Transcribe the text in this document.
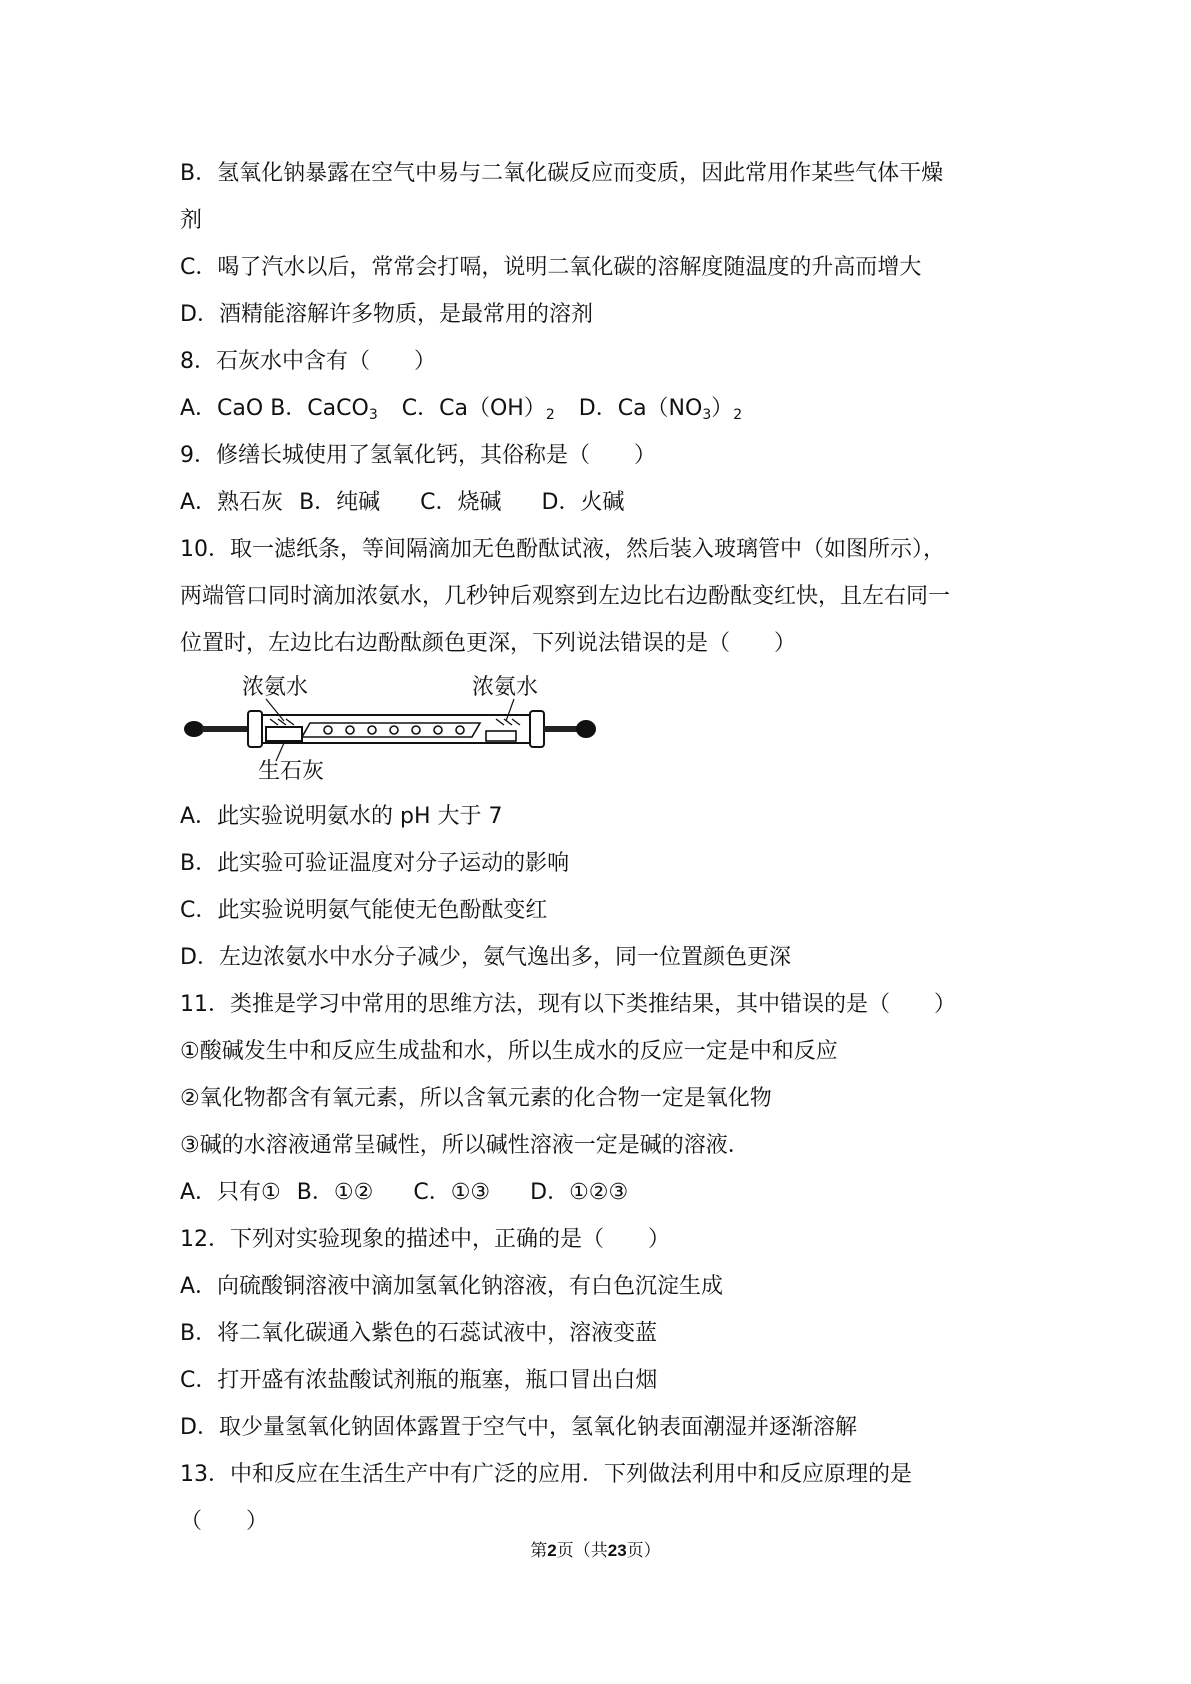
B．氢氧化钠暴露在空气中易与二氧化碳反应而变质，因此常用作某些气体干燥
剂
C．喝了汽水以后，常常会打嗝，说明二氧化碳的溶解度随温度的升高而增大
D．酒精能溶解许多物质，是最常用的溶剂
8．石灰水中含有（　　）
A．CaO B．CaCO$_3$ C．$Ca(OH)_2$ D．$Ca(NO_3)_2$
9．修缮长城使用了氢氧化钙，其俗称是（　　）
A．熟石灰 B．纯碱 C．烧碱 D．火碱
10．取一滤纸条，等间隔滴加无色酚酞试液，然后装入玻璃管中（如图所示），
两端管口同时滴加浓氨水，几秒钟后观察到左边比右边酚酞变红快，且左右同一
位置时，左边比右边酚酞颜色更深，下列说法错误的是（　　）
浓氨水	浓氨水
生石灰
A．此实验说明氨水的 pH 大于 7
B．此实验可验证温度对分子运动的影响
C．此实验说明氨气能使无色酚酞变红
D．左边浓氨水中水分子减少，氨气逸出多，同一位置颜色更深
11．类推是学习中常用的思维方法，现有以下类推结果，其中错误的是（　　）
①酸碱发生中和反应生成盐和水，所以生成水的反应一定是中和反应
②氧化物都含有氧元素，所以含氧元素的化合物一定是氧化物
③碱的水溶液通常呈碱性，所以碱性溶液一定是碱的溶液．
A．只有① B．①② C．①③ D．①②③
12．下列对实验现象的描述中，正确的是（　　）
A．向硫酸铜溶液中滴加氢氧化钠溶液，有白色沉淀生成
B．将二氧化碳通入紫色的石蕊试液中，溶液变蓝
C．打开盛有浓盐酸试剂瓶的瓶塞，瓶口冒出白烟
D．取少量氢氧化钠固体露置于空气中，氢氧化钠表面潮湿并逐渐溶解
13．中和反应在生活生产中有广泛的应用．下列做法利用中和反应原理的是
（　　）
第2页（共23页）
